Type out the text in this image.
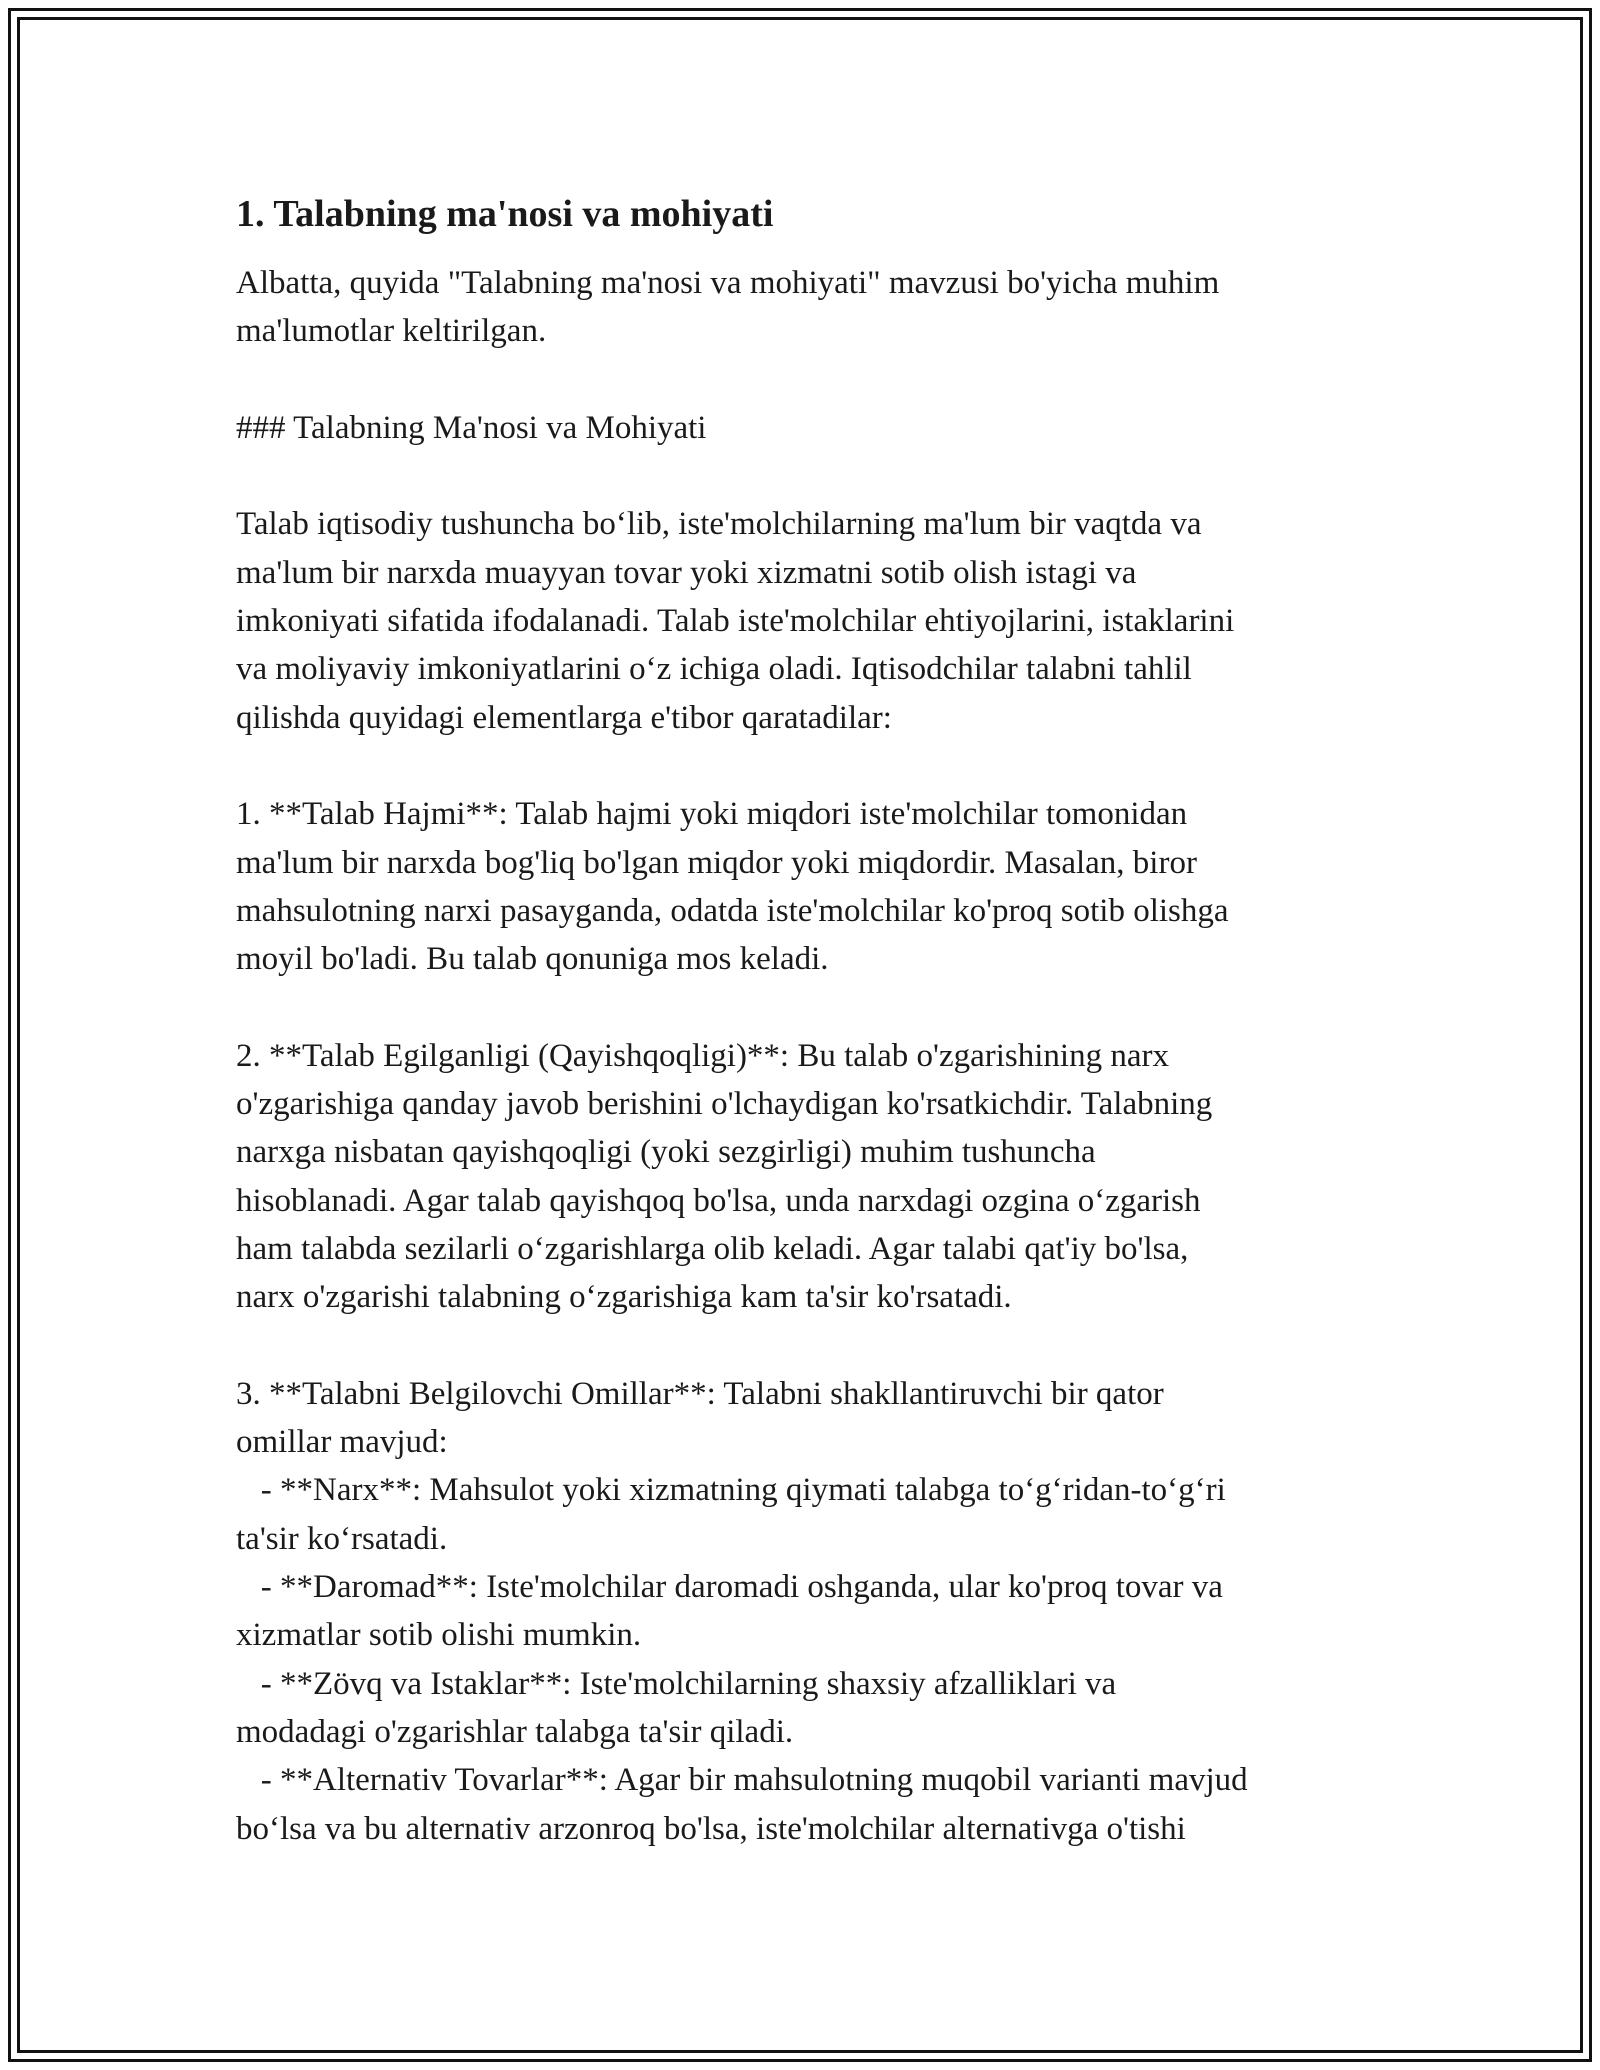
1. Talabning ma'nosi va mohiyati

Albatta, quyida "Talabning ma'nosi va mohiyati" mavzusi bo'yicha muhim
ma'lumotlar keltirilgan.

### Talabning Ma'nosi va Mohiyati

Talab iqtisodiy tushuncha bo‘lib, iste'molchilarning ma'lum bir vaqtda va
ma'lum bir narxda muayyan tovar yoki xizmatni sotib olish istagi va
imkoniyati sifatida ifodalanadi. Talab iste'molchilar ehtiyojlarini, istaklarini
va moliyaviy imkoniyatlarini o‘z ichiga oladi. Iqtisodchilar talabni tahlil
qilishda quyidagi elementlarga e'tibor qaratadilar:

1. **Talab Hajmi**: Talab hajmi yoki miqdori iste'molchilar tomonidan
ma'lum bir narxda bog'liq bo'lgan miqdor yoki miqdordir. Masalan, biror
mahsulotning narxi pasayganda, odatda iste'molchilar ko'proq sotib olishga
moyil bo'ladi. Bu talab qonuniga mos keladi.

2. **Talab Egilganligi (Qayishqoqligi)**: Bu talab o'zgarishining narx
o'zgarishiga qanday javob berishini o'lchaydigan ko'rsatkichdir. Talabning
narxga nisbatan qayishqoqligi (yoki sezgirligi) muhim tushuncha
hisoblanadi. Agar talab qayishqoq bo'lsa, unda narxdagi ozgina o‘zgarish
ham talabda sezilarli o‘zgarishlarga olib keladi. Agar talabi qat'iy bo'lsa,
narx o'zgarishi talabning o‘zgarishiga kam ta'sir ko'rsatadi.

3. **Talabni Belgilovchi Omillar**: Talabni shakllantiruvchi bir qator
omillar mavjud:
- **Narx**: Mahsulot yoki xizmatning qiymati talabga to‘g‘ridan-to‘g‘ri
ta'sir ko‘rsatadi.
- **Daromad**: Iste'molchilar daromadi oshganda, ular ko'proq tovar va
xizmatlar sotib olishi mumkin.
- **Zövq va Istaklar**: Iste'molchilarning shaxsiy afzalliklari va
modadagi o'zgarishlar talabga ta'sir qiladi.
- **Alternativ Tovarlar**: Agar bir mahsulotning muqobil varianti mavjud
bo‘lsa va bu alternativ arzonroq bo'lsa, iste'molchilar alternativga o'tishi
